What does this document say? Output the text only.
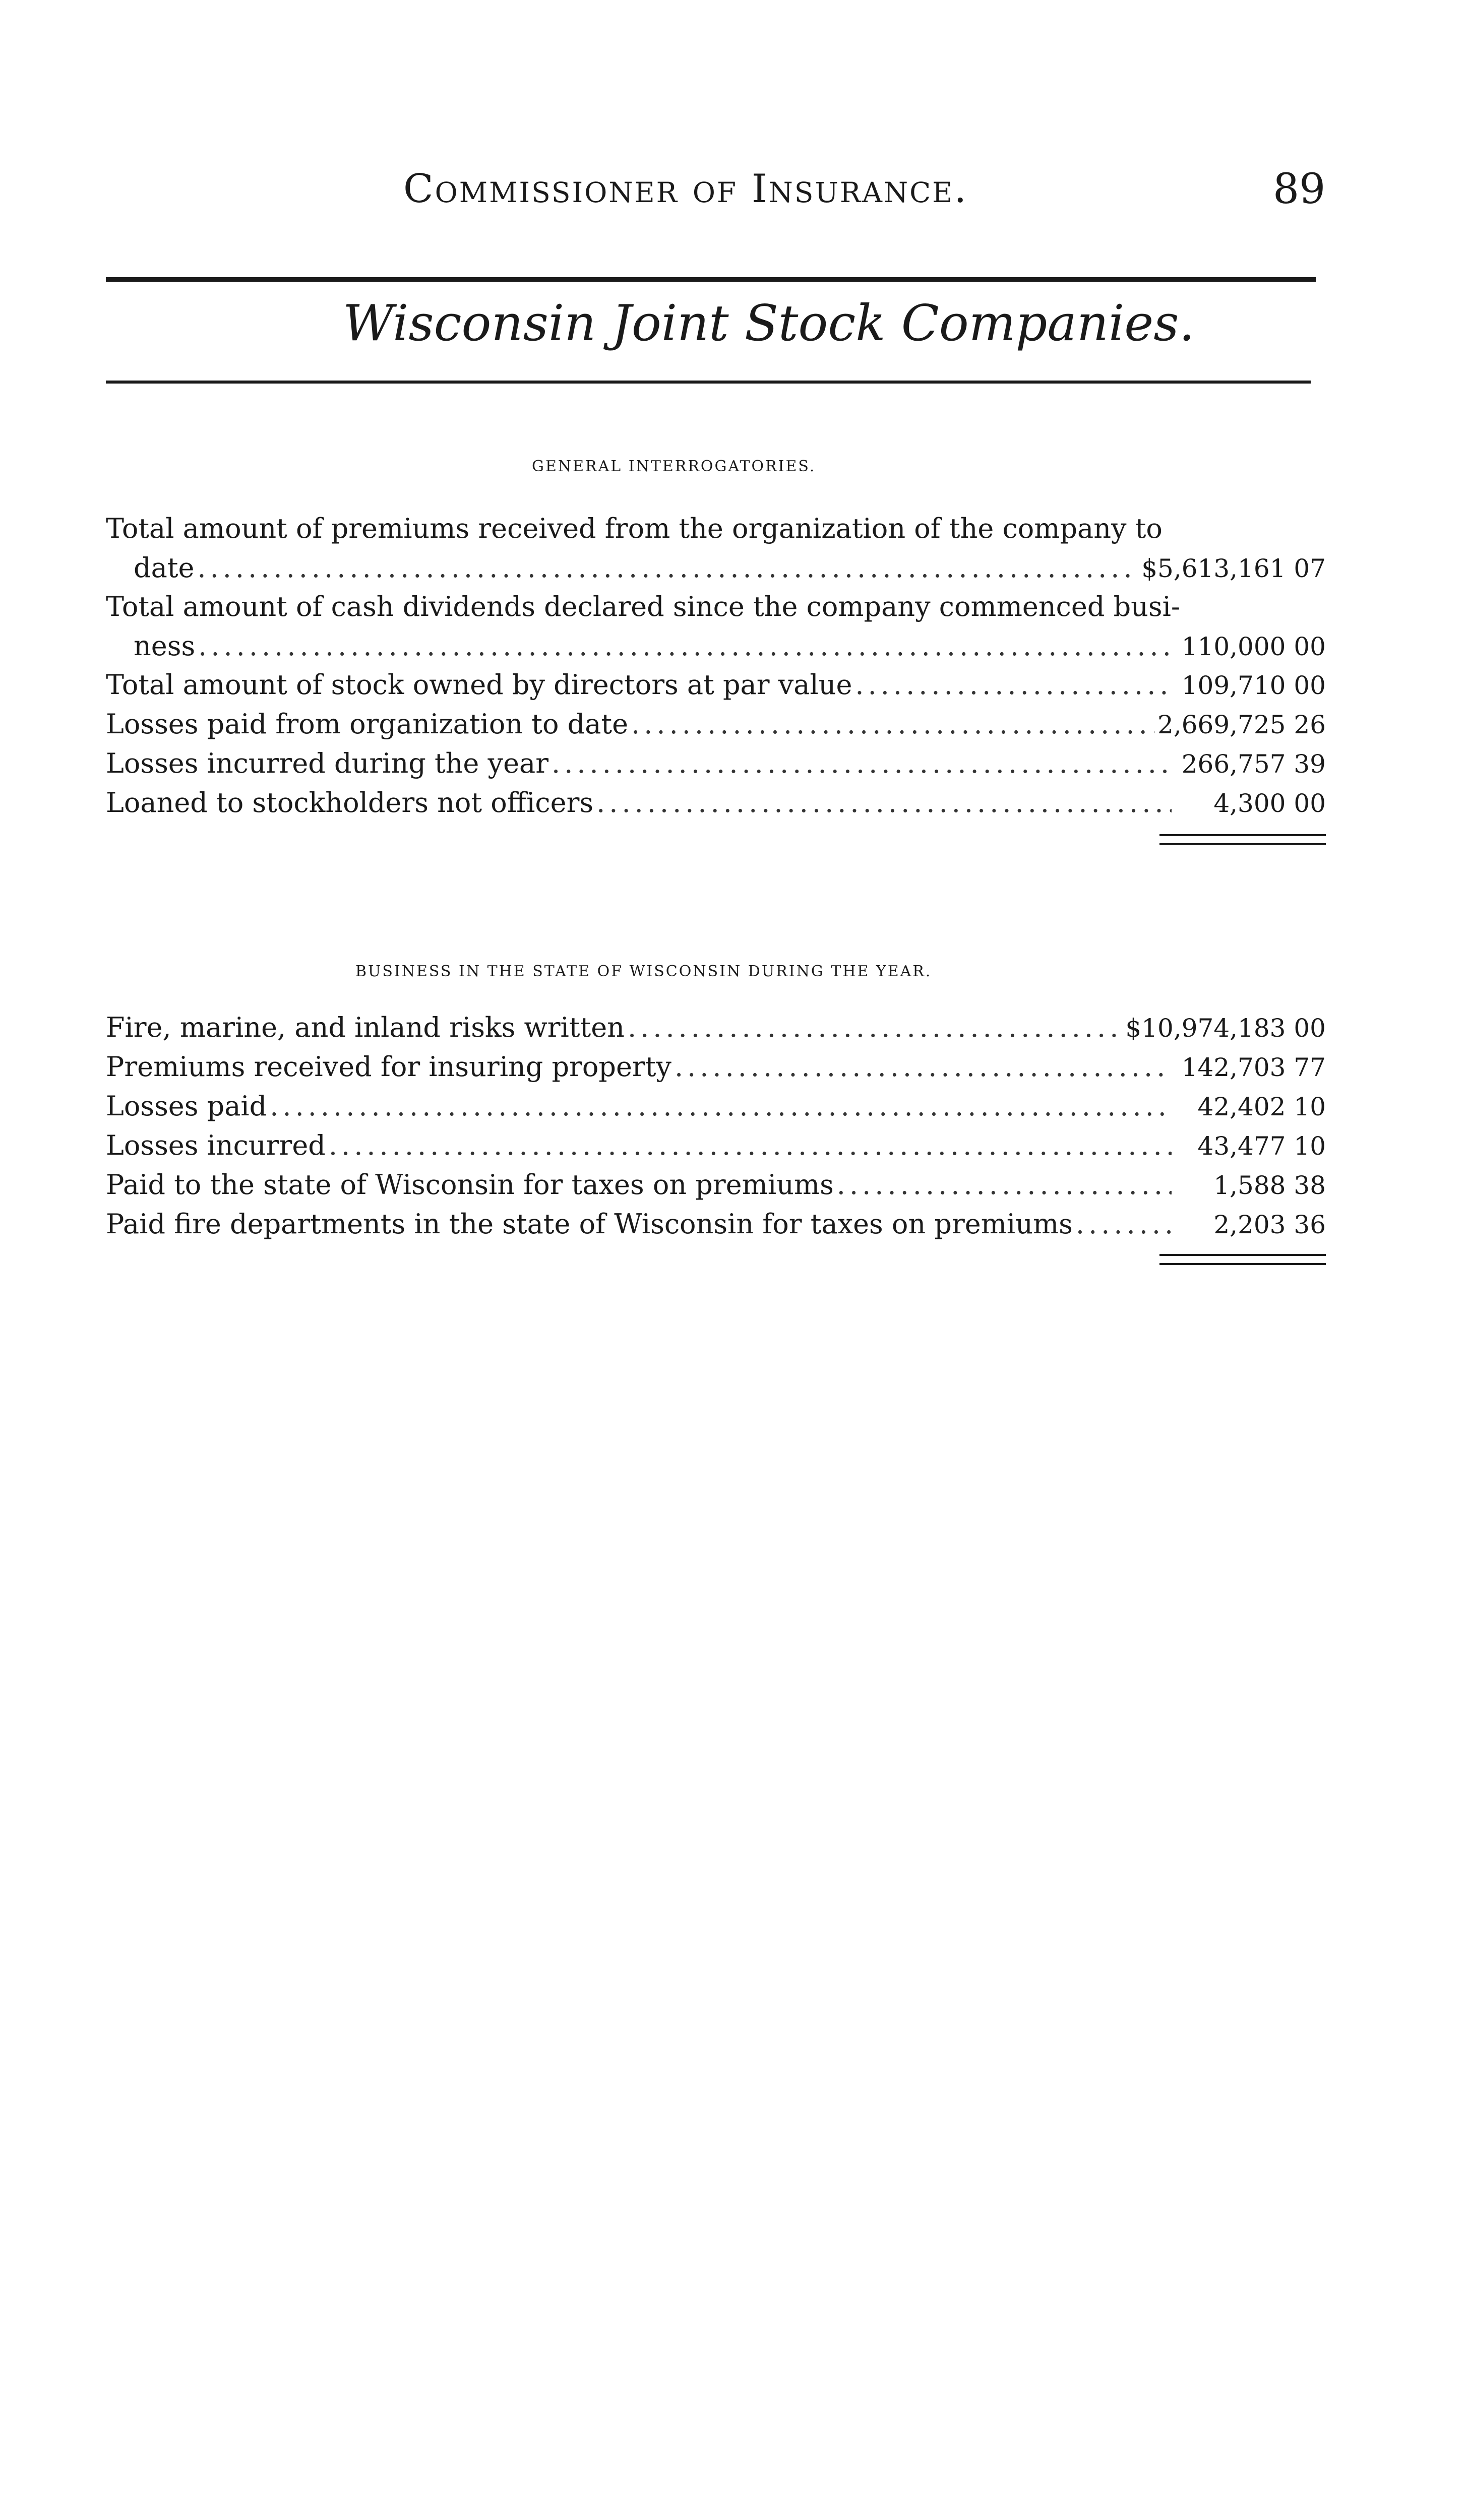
Commissioner of Insurance.	89
Wisconsin Joint Stock Companies.
GENERAL INTERROGATORIES.
Total amount of premiums received from the organization of the company to
date .....	$5,613,161 07
Total amount of cash dividends declared since the company commenced busi-
ness .....	110,000 00
Total amount of stock owned by directors at par value .....	109,710 00
Losses paid from organization to date .....	2,669,725 26
Losses incurred during the year .....	266,757 39
Loaned to stockholders not officers .....	4,300 00
BUSINESS IN THE STATE OF WISCONSIN DURING THE YEAR.
Fire, marine, and inland risks written .....	$10,974,183 00
Premiums received for insuring property .....	142,703 77
Losses paid .....	42,402 10
Losses incurred .....	43,477 10
Paid to the state of Wisconsin for taxes on premiums .....	1,588 38
Paid fire departments in the state of Wisconsin for taxes on premiums .....	2,203 36
